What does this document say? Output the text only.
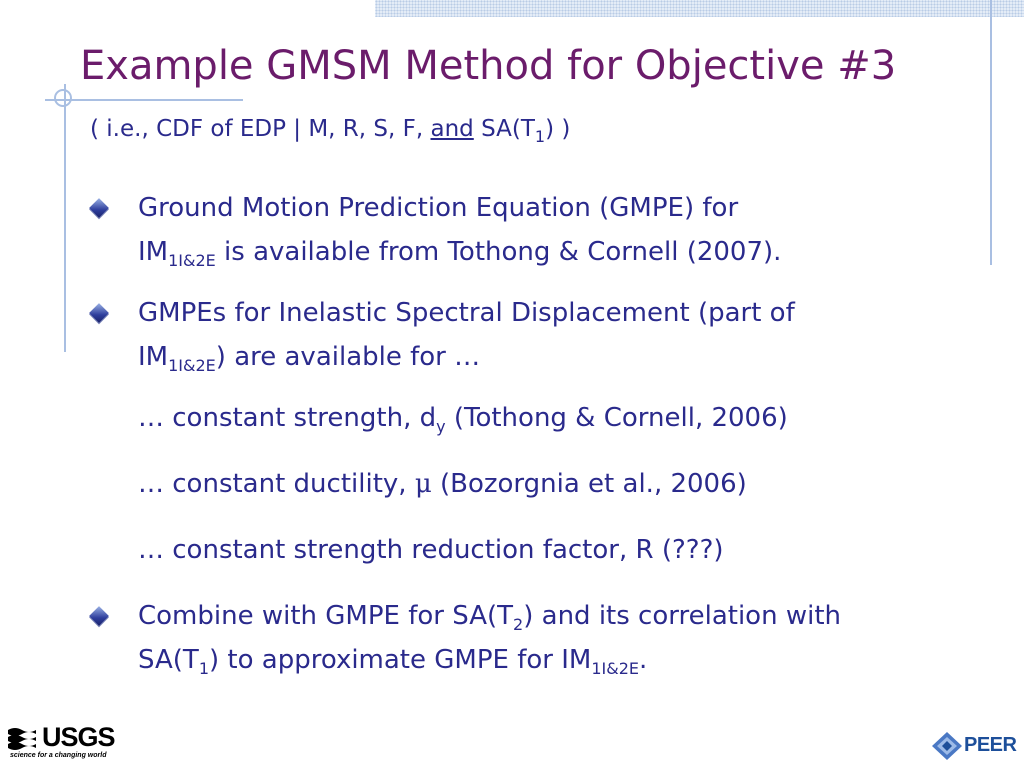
Example GMSM Method for Objective #3
( i.e., CDF of EDP | M, R, S, F, and $SA(T_1)$ )
Ground Motion Prediction Equation (GMPE) for
$IM_{1I\&2E}$ is available from Tothong & Cornell (2007).
GMPEs for Inelastic Spectral Displacement (part of
$IM_{1I\&2E}$) are available for …
… constant strength, $d_y$ (Tothong & Cornell, 2006)
… constant ductility, μ (Bozorgnia et al., 2006)
… constant strength reduction factor, R (???)
Combine with GMPE for $SA(T_2)$ and its correlation with
$SA(T_1)$ to approximate GMPE for $IM_{1I\&2E}$.
USGS
science for a changing world	PEER
